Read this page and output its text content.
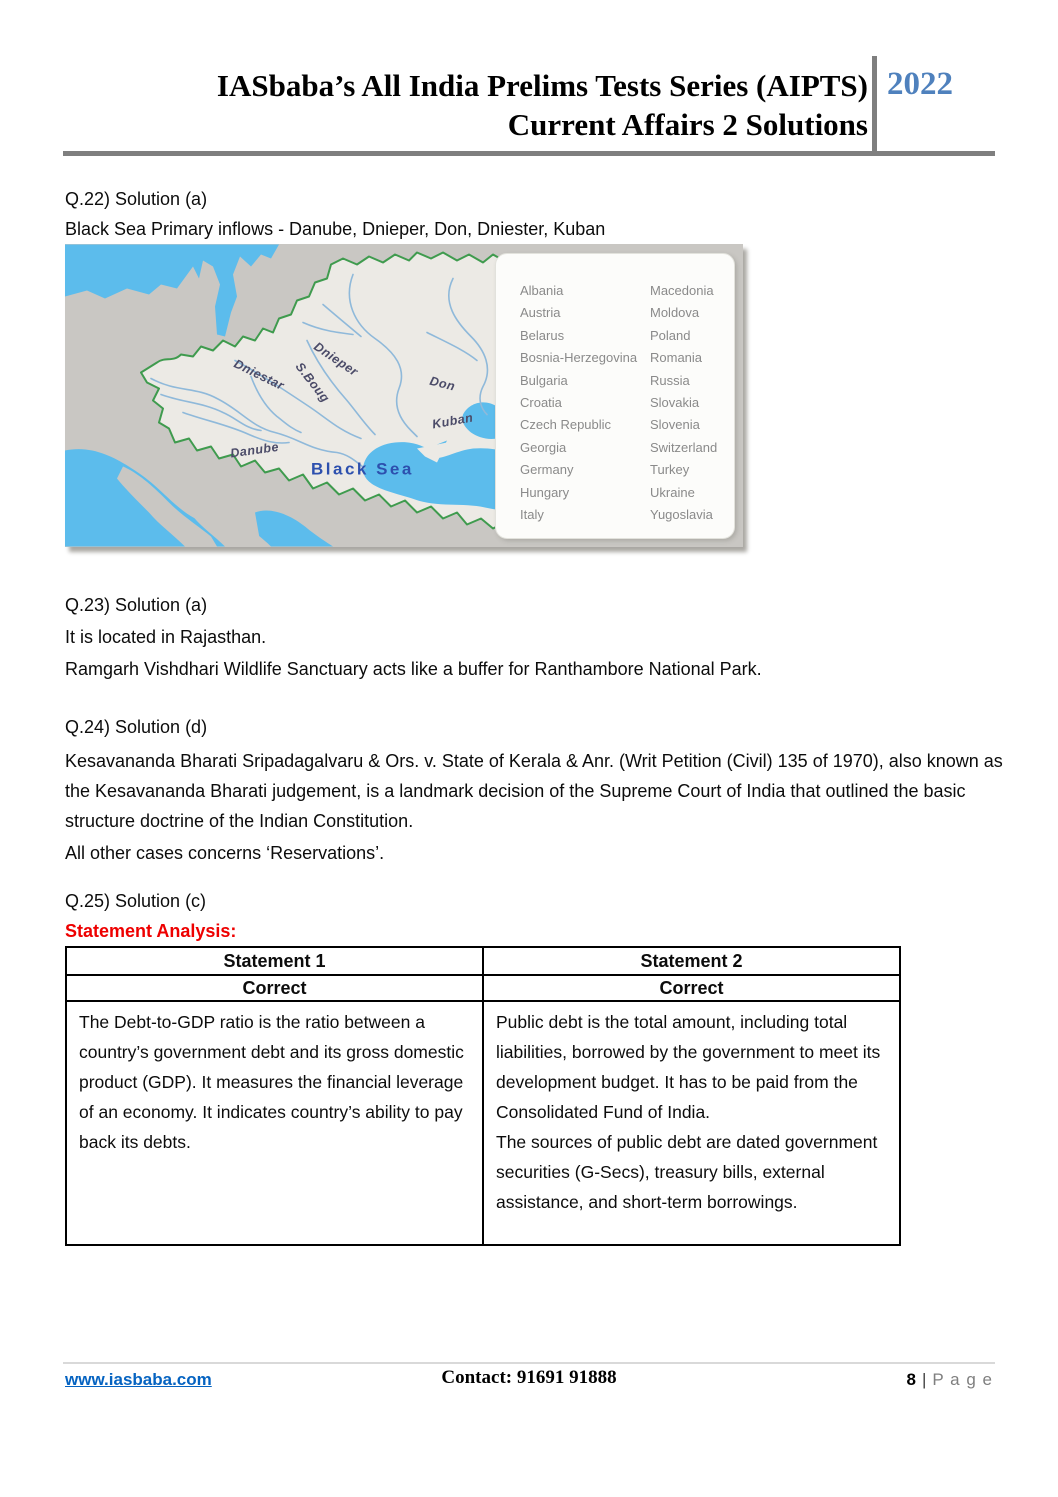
IASbaba’s All India Prelims Tests Series (AIPTS)
Current Affairs 2 Solutions
2022
Q.22) Solution (a)
Black Sea Primary inflows - Danube, Dnieper, Don, Dniester, Kuban
Dnieper
S.Boug
Dniestar	Don
Kuban
Danube
Black Sea
Albania
Austria
Belarus
Bosnia-Herzegovina
Bulgaria
Croatia
Czech Republic
Georgia
Germany
Hungary
Italy
Macedonia
Moldova
Poland
Romania
Russia
Slovakia
Slovenia
Switzerland
Turkey
Ukraine
Yugoslavia
Q.23) Solution (a)
It is located in Rajasthan.
Ramgarh Vishdhari Wildlife Sanctuary acts like a buffer for Ranthambore National Park.
Q.24) Solution (d)

Kesavananda Bharati Sripadagalvaru & Ors. v. State of Kerala & Anr. (Writ Petition (Civil) 135 of 1970), also known as the Kesavananda Bharati judgement, is a landmark decision of the Supreme Court of India that outlined the basic structure doctrine of the Indian Constitution.

All other cases concerns ‘Reservations’.

Q.25) Solution (c)
Statement Analysis:
Statement 1	Statement 2
Correct	Correct

The Debt-to-GDP ratio is the ratio between a country’s government debt and its gross domestic product (GDP). It measures the financial leverage of an economy. It indicates country’s ability to pay back its debts.

Public debt is the total amount, including total liabilities, borrowed by the government to meet its development budget. It has to be paid from the Consolidated Fund of India.

The sources of public debt are dated government securities (G-Secs), treasury bills, external assistance, and short-term borrowings.

www.iasbaba.com	Contact: 91691 91888	8 | P a g e
